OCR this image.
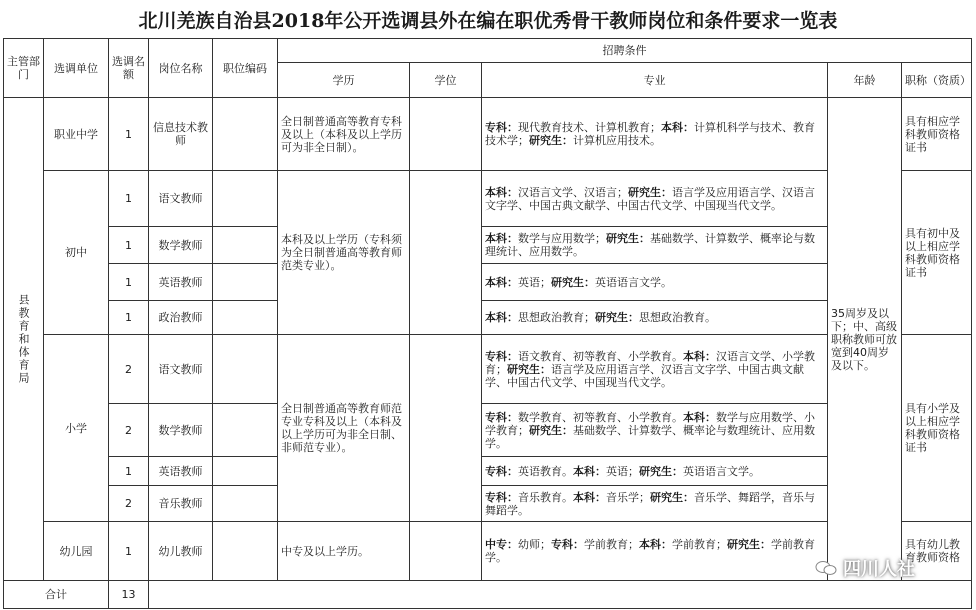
北川羌族自治县2018年公开选调县外在编在职优秀骨干教师岗位和条件要求一览表
主管部门	选调单位	选调名额	岗位名称	职位编码	招聘条件				
					学历	学位	专业	年龄	职称（资质）
县教育和体育局	职业中学	1	信息技术教师		全日制普通高等教育专科及以上（本科及以上学历可为非全日制）。		专科：现代教育技术、计算机教育；本科：计算机科学与技术、教育技术学；研究生：计算机应用技术。	35周岁及以下；中、高级职称教师可放宽到40周岁及以下。	具有相应学科教师资格证书
	初中	1	语文教师		本科及以上学历（专科须为全日制普通高等教育师范类专业）。		本科：汉语言文学、汉语言；研究生：语言学及应用语言学、汉语言文字学、中国古典文献学、中国古代文学、中国现当代文学。		具有初中及以上相应学科教师资格证书
		1	数学教师				本科：数学与应用数学；研究生：基础数学、计算数学、概率论与数理统计、应用数学。		
		1	英语教师				本科：英语；研究生：英语语言文学。		
		1	政治教师				本科：思想政治教育；研究生：思想政治教育。		
	小学	2	语文教师		全日制普通高等教育师范专业专科及以上（本科及以上学历可为非全日制、非师范专业）。		专科：语文教育、初等教育、小学教育。本科：汉语言文学、小学教育；研究生：语言学及应用语言学、汉语言文字学、中国古典文献学、中国古代文学、中国现当代文学。		具有小学及以上相应学科教师资格证书
		2	数学教师				专科：数学教育、初等教育、小学教育。本科：数学与应用数学、小学教育；研究生：基础数学、计算数学、概率论与数理统计、应用数学。		
		1	英语教师				专科：英语教育。本科：英语；研究生：英语语言文学。		
		2	音乐教师				专科：音乐教育。本科：音乐学；研究生：音乐学、舞蹈学，音乐与舞蹈学。		
	幼儿园	1	幼儿教师		中专及以上学历。		中专：幼师；专科：学前教育；本科：学前教育；研究生：学前教育学。		具有幼儿教育教师资格
合计		13							
四川人社
